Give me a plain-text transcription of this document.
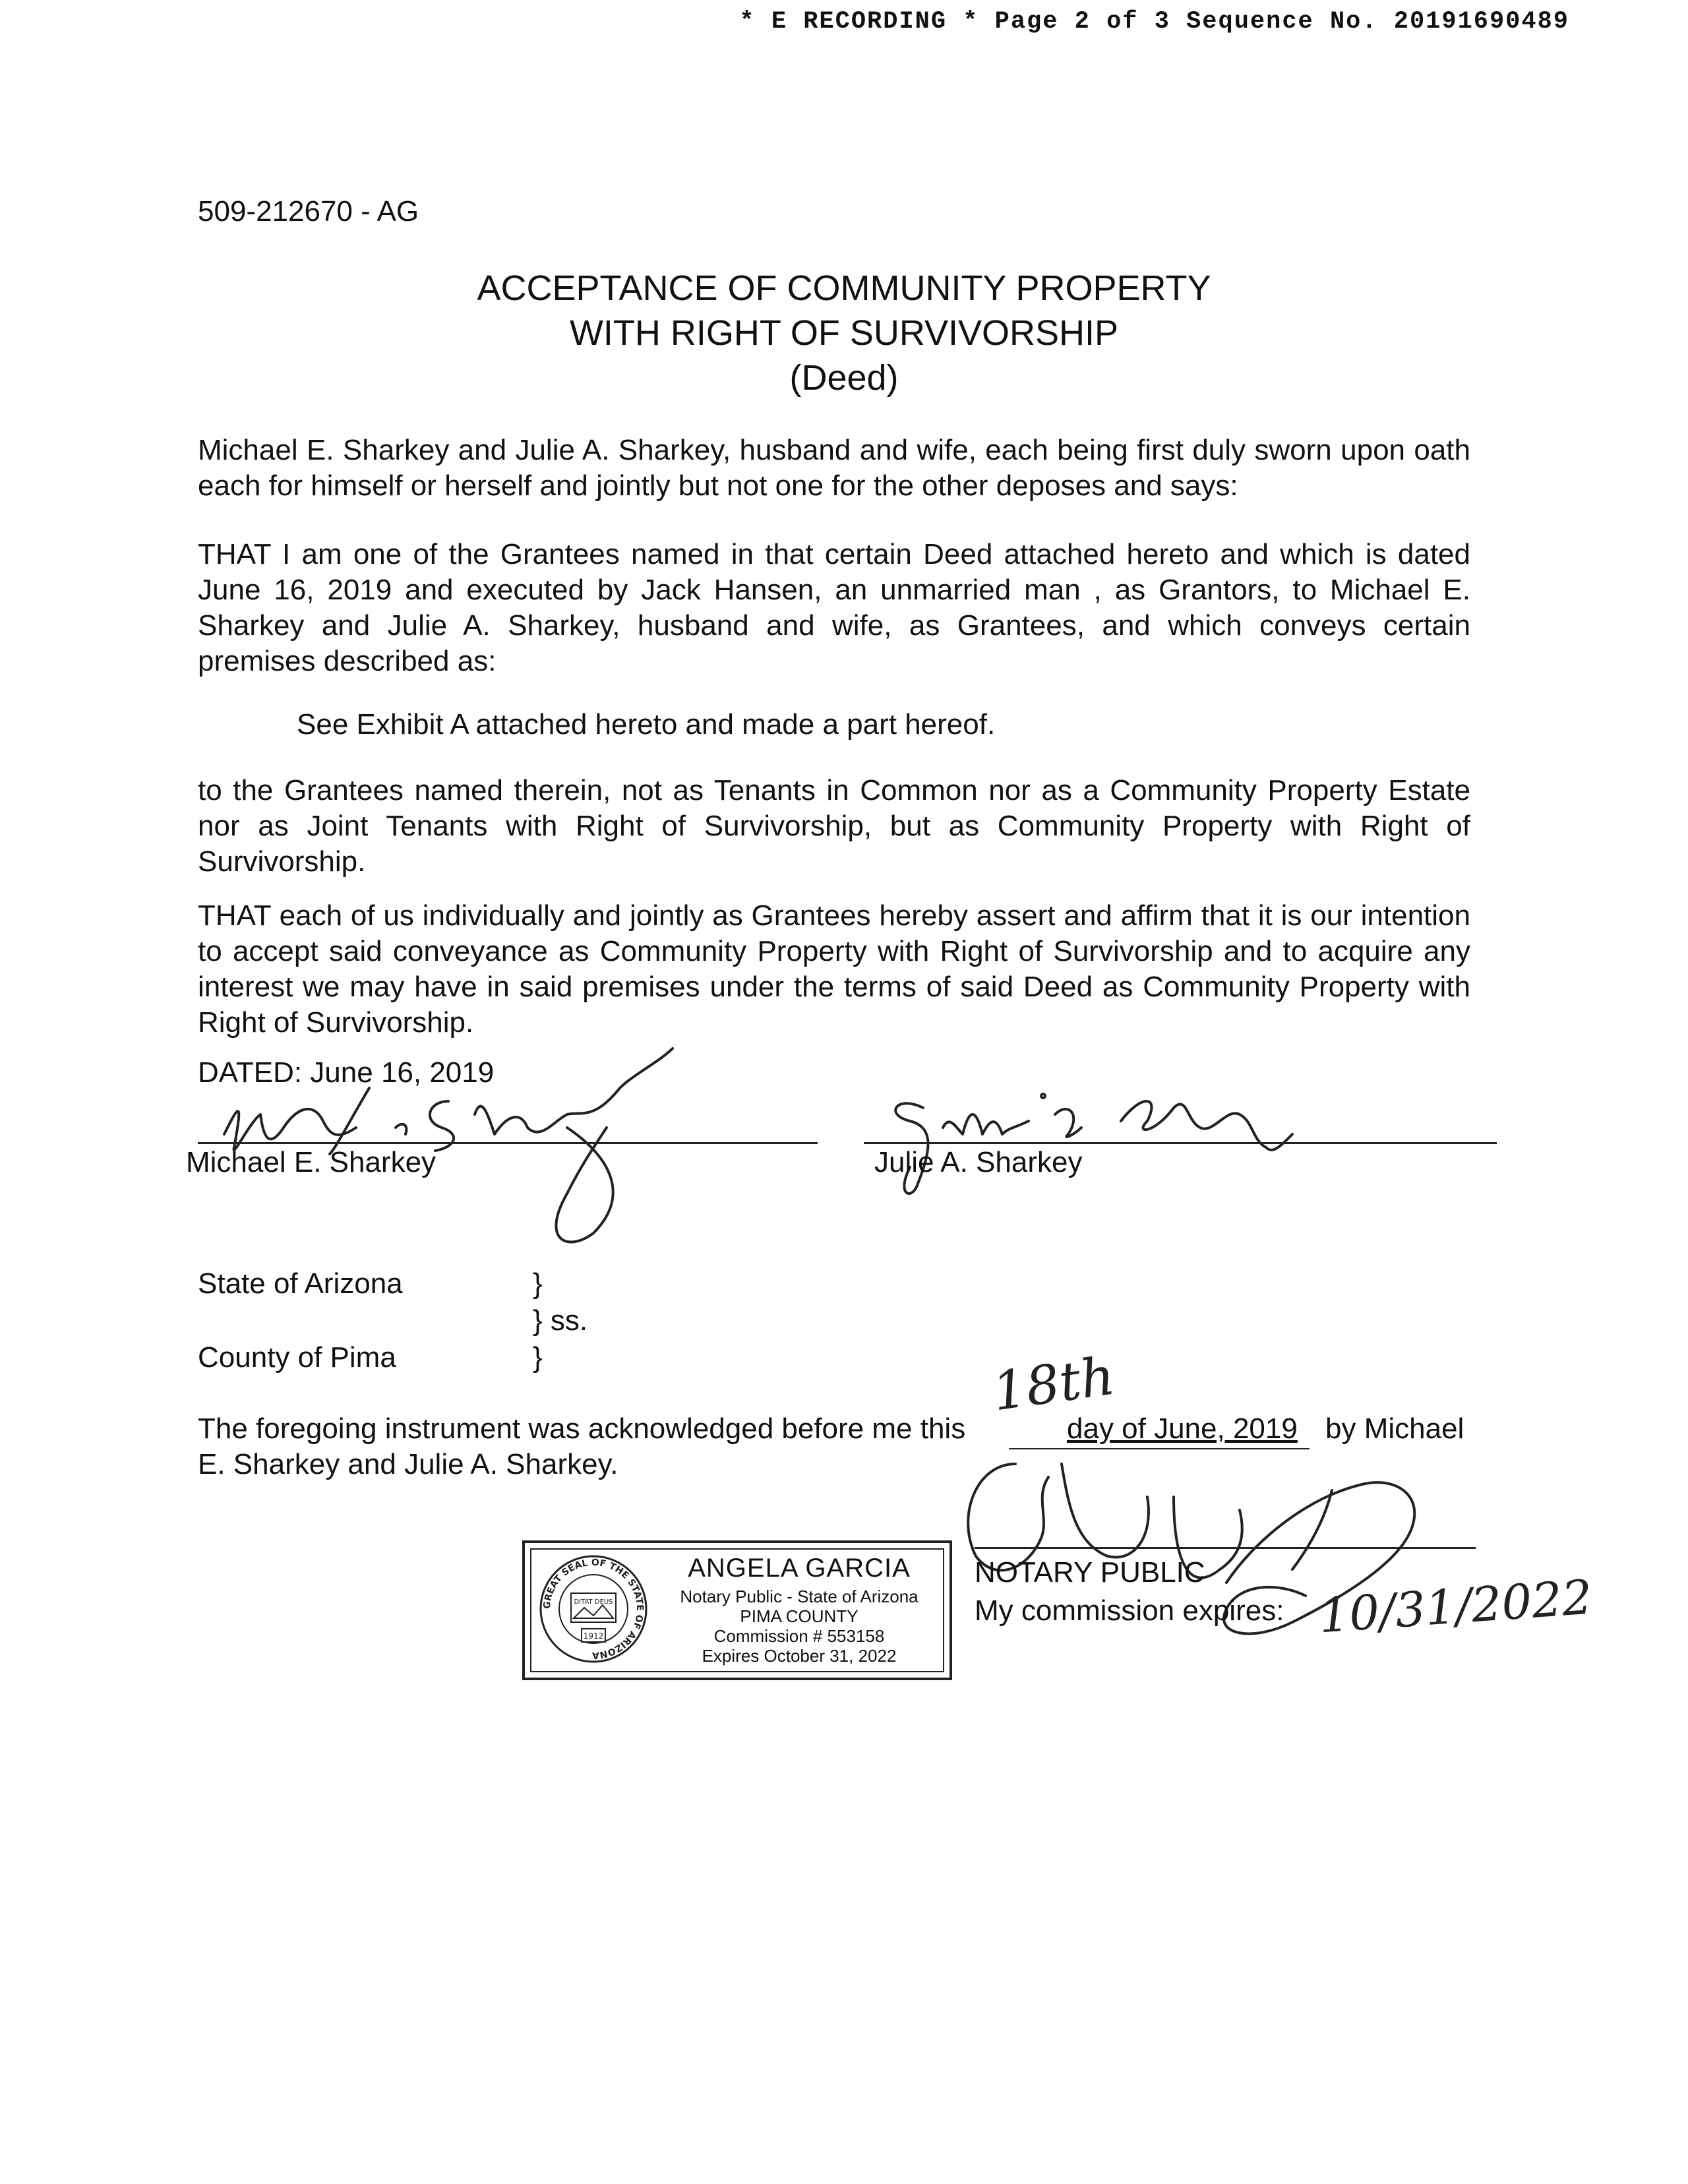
* E RECORDING * Page 2 of 3 Sequence No. 20191690489
509-212670 - AG
ACCEPTANCE OF COMMUNITY PROPERTY
WITH RIGHT OF SURVIVORSHIP
(Deed)
Michael E. Sharkey and Julie A. Sharkey, husband and wife, each being first duly sworn upon oath each for himself or herself and jointly but not one for the other deposes and says:
THAT I am one of the Grantees named in that certain Deed attached hereto and which is dated June 16, 2019 and executed by Jack Hansen, an unmarried man , as Grantors, to Michael E. Sharkey and Julie A. Sharkey, husband and wife, as Grantees, and which conveys certain premises described as:
See Exhibit A attached hereto and made a part hereof.
to the Grantees named therein, not as Tenants in Common nor as a Community Property Estate nor as Joint Tenants with Right of Survivorship, but as Community Property with Right of Survivorship.
THAT each of us individually and jointly as Grantees hereby assert and affirm that it is our intention to accept said conveyance as Community Property with Right of Survivorship and to acquire any interest we may have in said premises under the terms of said Deed as Community Property with Right of Survivorship.
DATED: June 16, 2019
Michael E. Sharkey	Julie A. Sharkey
State of Arizona
County of Pima
}
} ss.
}
The foregoing instrument was acknowledged before me this	day of June, 2019 by Michael
E. Sharkey and Julie A. Sharkey.
18th
GREAT SEAL OF THE STATE OF ARIZONA
DITAT DEUS
1912
ANGELA GARCIA
Notary Public - State of Arizona
PIMA COUNTY
Commission # 553158
Expires October 31, 2022
NOTARY PUBLIC
My commission expires: 10/31/2022
